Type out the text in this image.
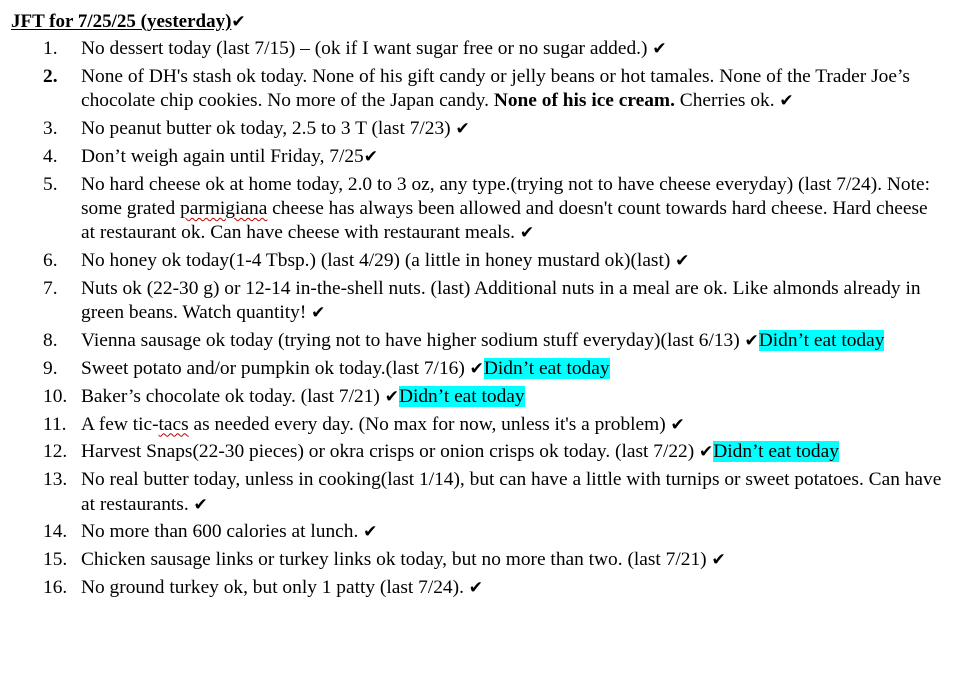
JFT for 7/25/25 (yesterday)✔
1. No dessert today (last 7/15) – (ok if I want sugar free or no sugar added.) ✔
2. None of DH's stash ok today. None of his gift candy or jelly beans or hot tamales. None of the Trader Joe’s chocolate chip cookies. No more of the Japan candy. None of his ice cream. Cherries ok. ✔
3. No peanut butter ok today, 2.5 to 3 T (last 7/23) ✔
4. Don’t weigh again until Friday, 7/25✔
5. No hard cheese ok at home today, 2.0 to 3 oz, any type.(trying not to have cheese everyday) (last 7/24). Note: some grated parmigiana cheese has always been allowed and doesn't count towards hard cheese. Hard cheese at restaurant ok. Can have cheese with restaurant meals. ✔
6. No honey ok today(1-4 Tbsp.) (last 4/29) (a little in honey mustard ok)(last) ✔
7. Nuts ok (22-30 g) or 12-14 in-the-shell nuts. (last) Additional nuts in a meal are ok. Like almonds already in green beans. Watch quantity! ✔
8. Vienna sausage ok today (trying not to have higher sodium stuff everyday)(last 6/13) ✔Didn’t eat today
9. Sweet potato and/or pumpkin ok today.(last 7/16) ✔Didn’t eat today
10. Baker’s chocolate ok today. (last 7/21) ✔Didn’t eat today
11. A few tic-tacs as needed every day. (No max for now, unless it's a problem) ✔
12. Harvest Snaps(22-30 pieces) or okra crisps or onion crisps ok today. (last 7/22) ✔Didn’t eat today
13. No real butter today, unless in cooking(last 1/14), but can have a little with turnips or sweet potatoes. Can have at restaurants. ✔
14. No more than 600 calories at lunch. ✔
15. Chicken sausage links or turkey links ok today, but no more than two. (last 7/21) ✔
16. No ground turkey ok, but only 1 patty (last 7/24). ✔
